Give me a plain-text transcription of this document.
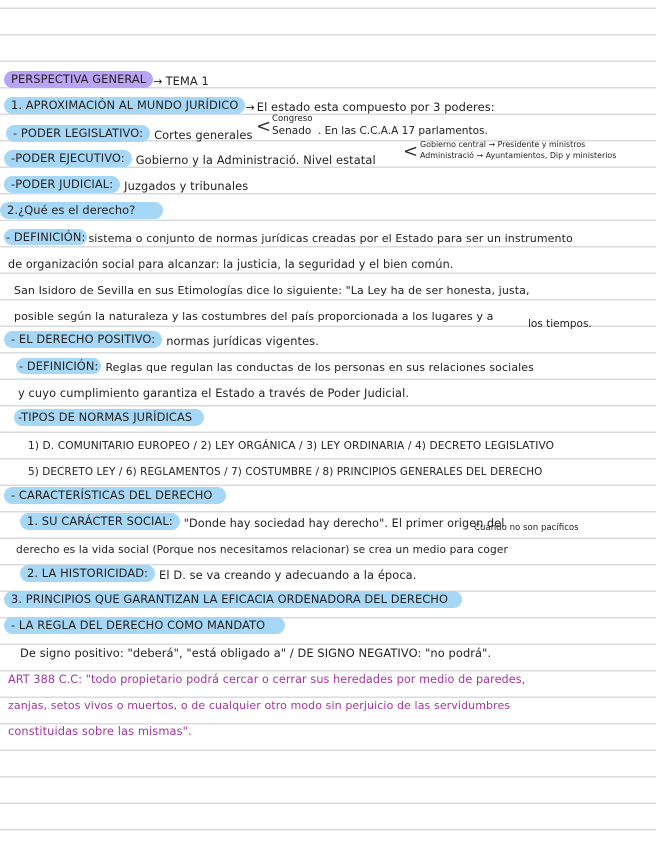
PERSPECTIVA GENERAL → TEMA 1
1. APROXIMACIÓN AL MUNDO JURÍDICO → El estado esta compuesto por 3 poderes:
- PODER LEGISLATIVO: Cortes generales < Congreso
Senado . En las C.C.A.A 17 parlamentos.
-PODER EJECUTIVO: Gobierno y la Administració. Nivel estatal < Gobierno central → Presidente y ministros
Administració → Ayuntamientos, Dip y ministerios
-PODER JUDICIAL: Juzgados y tribunales
2.¿Qué es el derecho?
- DEFINICIÓN: sistema o conjunto de normas jurídicas creadas por el Estado para ser un instrumento
de organización social para alcanzar: la justicia, la seguridad y el bien común.
San Isidoro de Sevilla en sus Etimologías dice lo siguiente: "La Ley ha de ser honesta, justa,
posible según la naturaleza y las costumbres del país proporcionada a los lugares y a
los tiempos.
- EL DERECHO POSITIVO: normas jurídicas vigentes.
- DEFINICIÓN: Reglas que regulan las conductas de los personas en sus relaciones sociales
y cuyo cumplimiento garantiza el Estado a través de Poder Judicial.
-TIPOS DE NORMAS JURÍDICAS
1) D. COMUNITARIO EUROPEO / 2) LEY ORGÁNICA / 3) LEY ORDINARIA / 4) DECRETO LEGISLATIVO
5) DECRETO LEY / 6) REGLAMENTOS / 7) COSTUMBRE / 8) PRINCIPIOS GENERALES DEL DERECHO
- CARACTERÍSTICAS DEL DERECHO
1. SU CARÁCTER SOCIAL: "Donde hay sociedad hay derecho". El primer origen del
Cuando no son pacíficos
derecho es la vida social (Porque nos necesitamos relacionar) se crea un medio para coger
2. LA HISTORICIDAD: El D. se va creando y adecuando a la época.
3. PRINCIPIOS QUE GARANTIZAN LA EFICACIA ORDENADORA DEL DERECHO
- LA REGLA DEL DERECHO COMO MANDATO
De signo positivo: "deberá", "está obligado a" / DE SIGNO NEGATIVO: "no podrá".
ART 388 C.C: "todo propietario podrá cercar o cerrar sus heredades por medio de paredes,
zanjas, setos vivos o muertos, o de cualquier otro modo sin perjuicio de las servidumbres
constituidas sobre las mismas".
